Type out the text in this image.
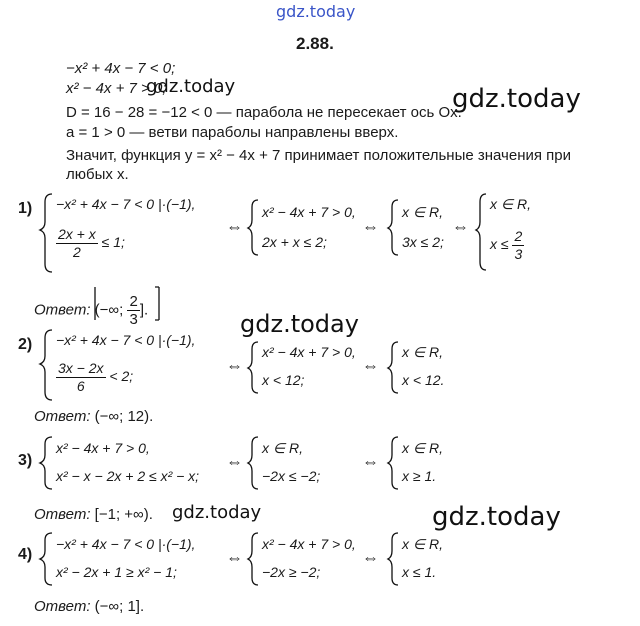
gdz.today
2.88.
−x² + 4x − 7 < 0;
x² − 4x + 7 > 0;
gdz.today	gdz.today
D = 16 − 28 = −12 < 0 — парабола не пересекает ось Ox.
a = 1 > 0 — ветви параболы направлены вверх.
Значит, функция y = x² − 4x + 7 принимает положительные значения при любых x.
1) −x² + 4x − 7 < 0 |·(−1),
$\frac{2x + x}{2} \le 1$;
⇔
x² − 4x + 7 > 0,
2x + x ≤ 2;
⇔
x ∈ R,
3x ≤ 2;
⇔
x ∈ R,
$x \le \frac{2}{3}$
Ответ: (−∞; $\frac{2}{3}$ ].
gdz.today
2) −x² + 4x − 7 < 0 |·(−1),
$\frac{3x - 2x}{6} < 2$;
⇔
x² − 4x + 7 > 0,
x < 12;
⇔
x ∈ R,
x < 12.
Ответ: (−∞; 12).
3)
x² − 4x + 7 > 0,
x² − x − 2x + 2 ≤ x² − x;
⇔
x ∈ R,
−2x ≤ −2;
⇔
x ∈ R,
x ≥ 1.
Ответ: [−1; +∞). gdz.today	gdz.today
4)
−x² + 4x − 7 < 0 |·(−1),
x² − 2x + 1 ≥ x² − 1;
⇔
x² − 4x + 7 > 0,
−2x ≥ −2;
⇔
x ∈ R,
x ≤ 1.
Ответ: (−∞; 1].
